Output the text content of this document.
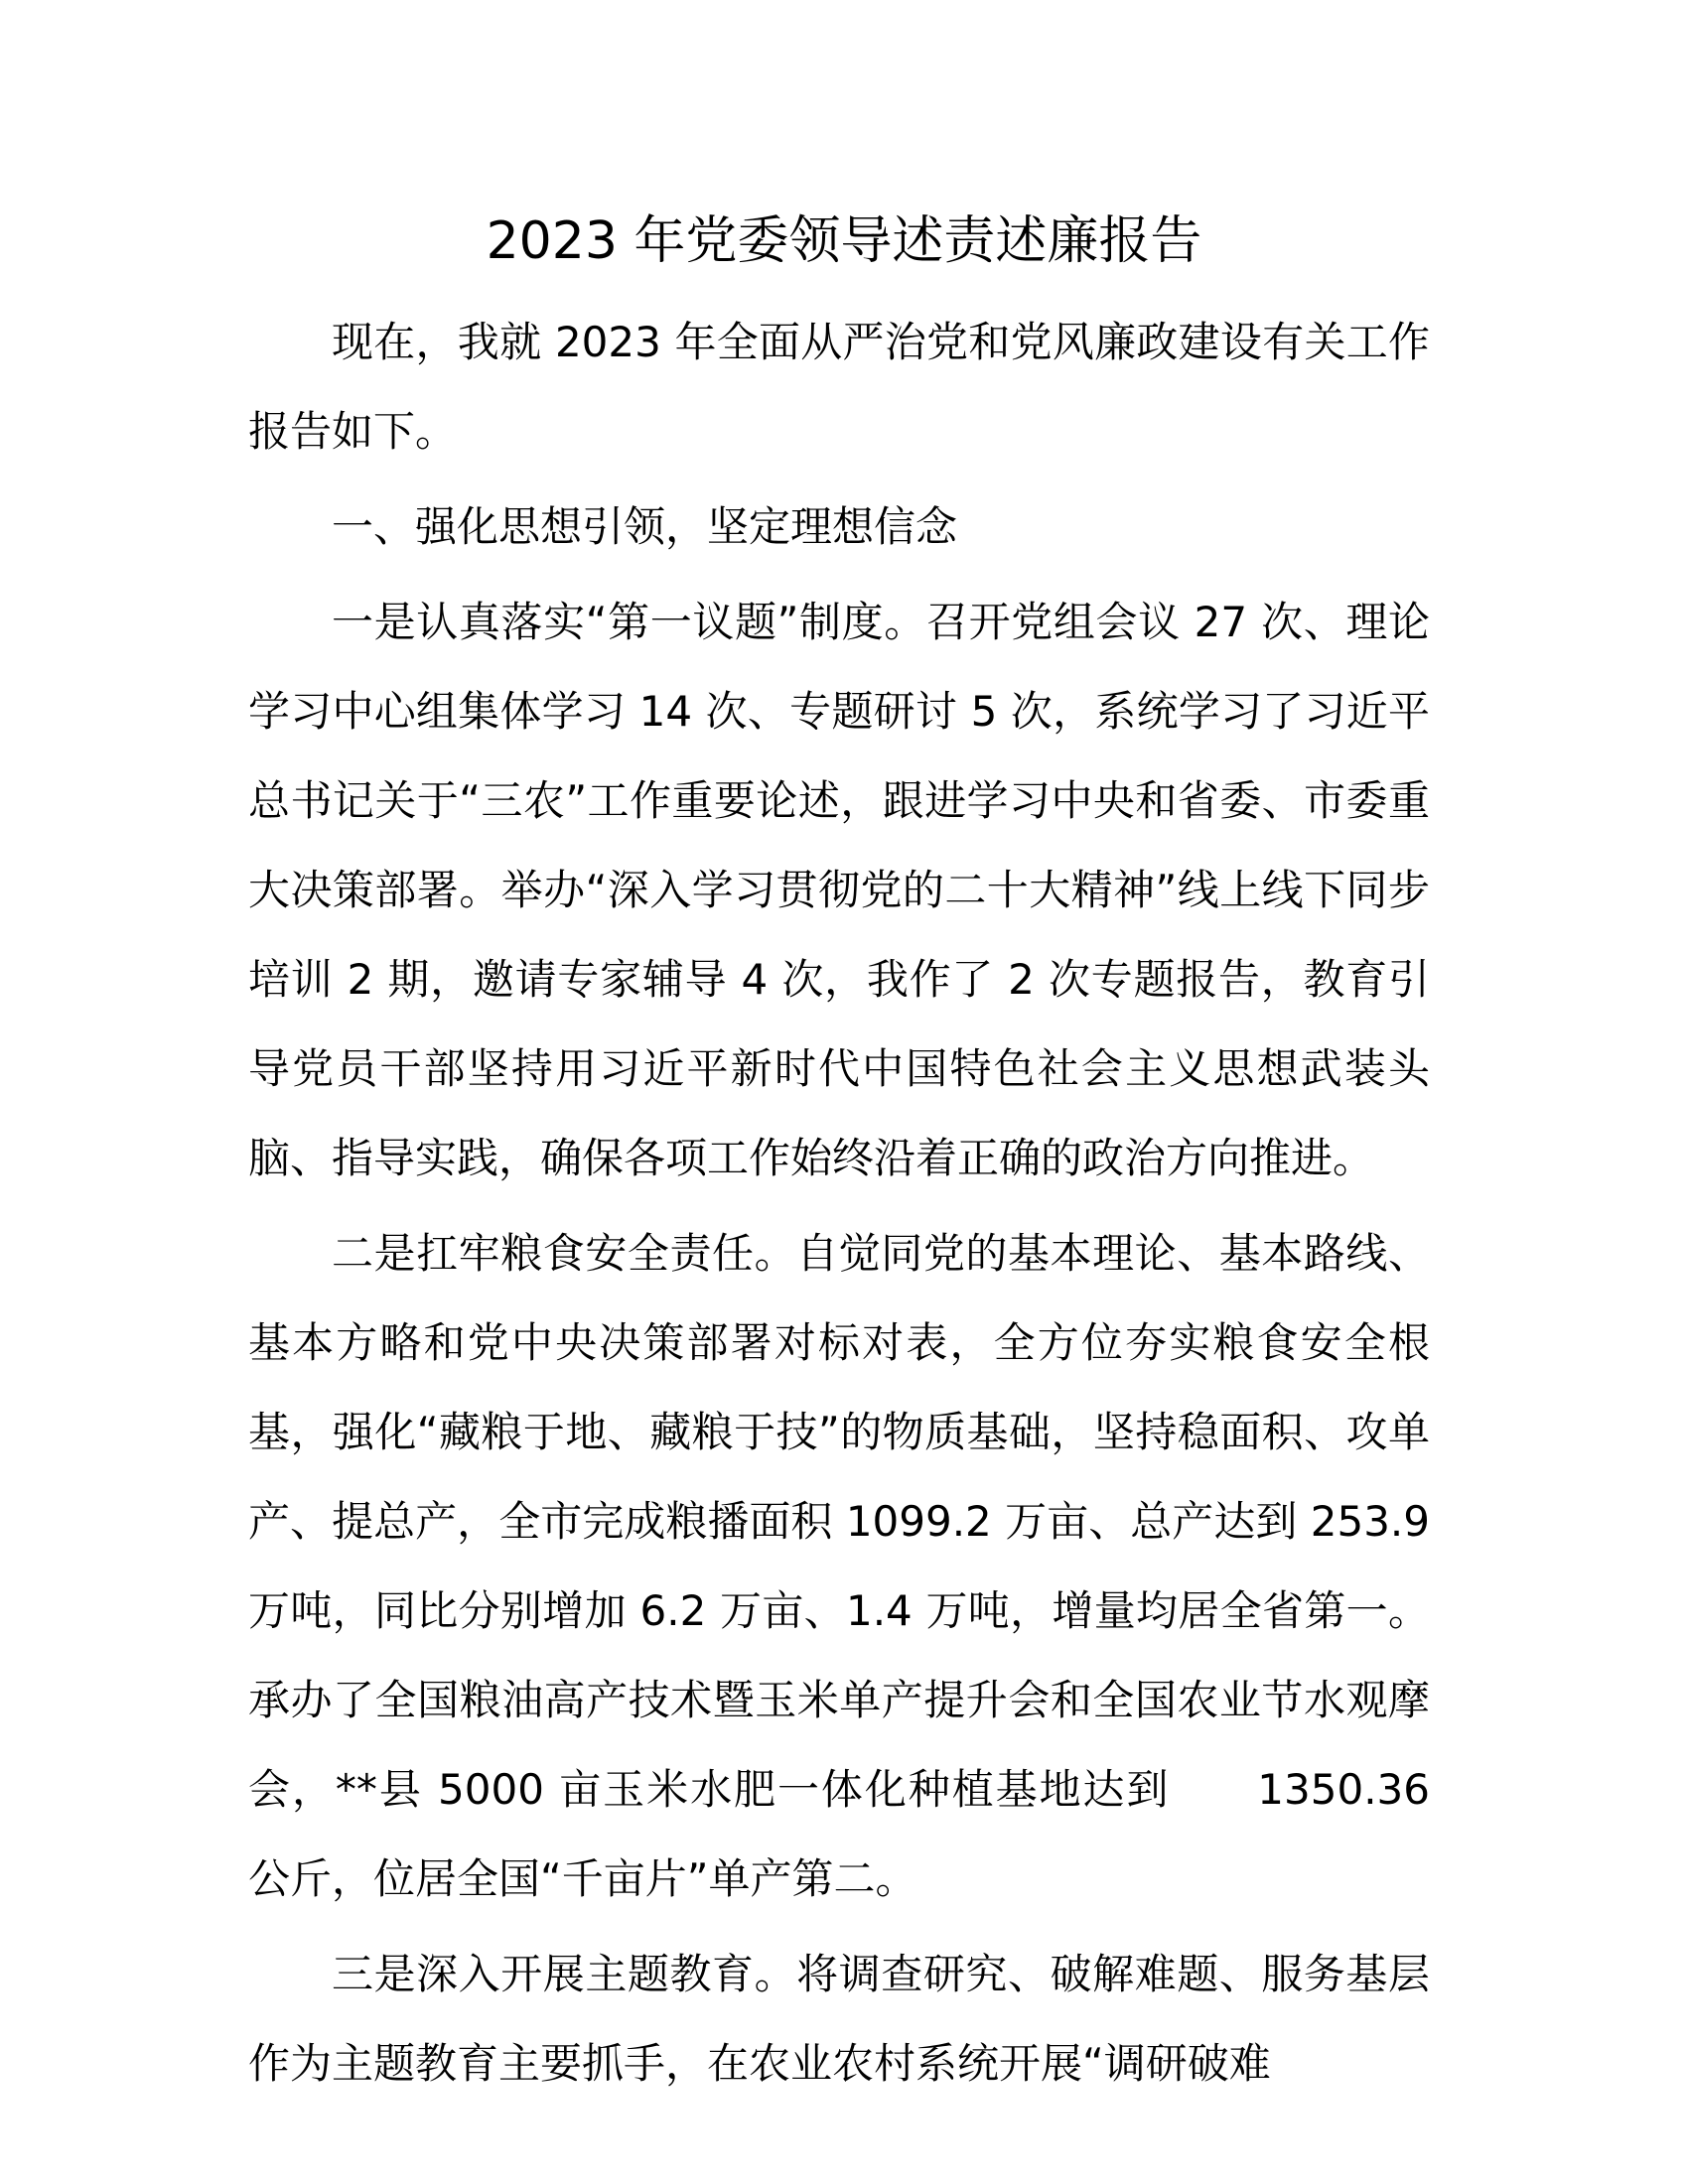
2023 年党委领导述责述廉报告

现在，我就 2023 年全面从严治党和党风廉政建设有关工作报告如下。

一、强化思想引领，坚定理想信念

一是认真落实“第一议题”制度。召开党组会议 27 次、理论学习中心组集体学习 14 次、专题研讨 5 次，系统学习了习近平总书记关于“三农”工作重要论述，跟进学习中央和省委、市委重大决策部署。举办“深入学习贯彻党的二十大精神”线上线下同步培训 2 期，邀请专家辅导 4 次，我作了 2 次专题报告，教育引导党员干部坚持用习近平新时代中国特色社会主义思想武装头脑、指导实践，确保各项工作始终沿着正确的政治方向推进。

二是扛牢粮食安全责任。自觉同党的基本理论、基本路线、基本方略和党中央决策部署对标对表，全方位夯实粮食安全根基，强化“藏粮于地、藏粮于技”的物质基础，坚持稳面积、攻单产、提总产，全市完成粮播面积 1099.2 万亩、总产达到 253.9 万吨，同比分别增加 6.2 万亩、1.4 万吨，增量均居全省第一。承办了全国粮油高产技术暨玉米单产提升会和全国农业节水观摩会，**县 5000 亩玉米水肥一体化种植基地达到　　1350.36 公斤，位居全国“千亩片”单产第二。

三是深入开展主题教育。将调查研究、破解难题、服务基层作为主题教育主要抓手，在农业农村系统开展“调研破难
